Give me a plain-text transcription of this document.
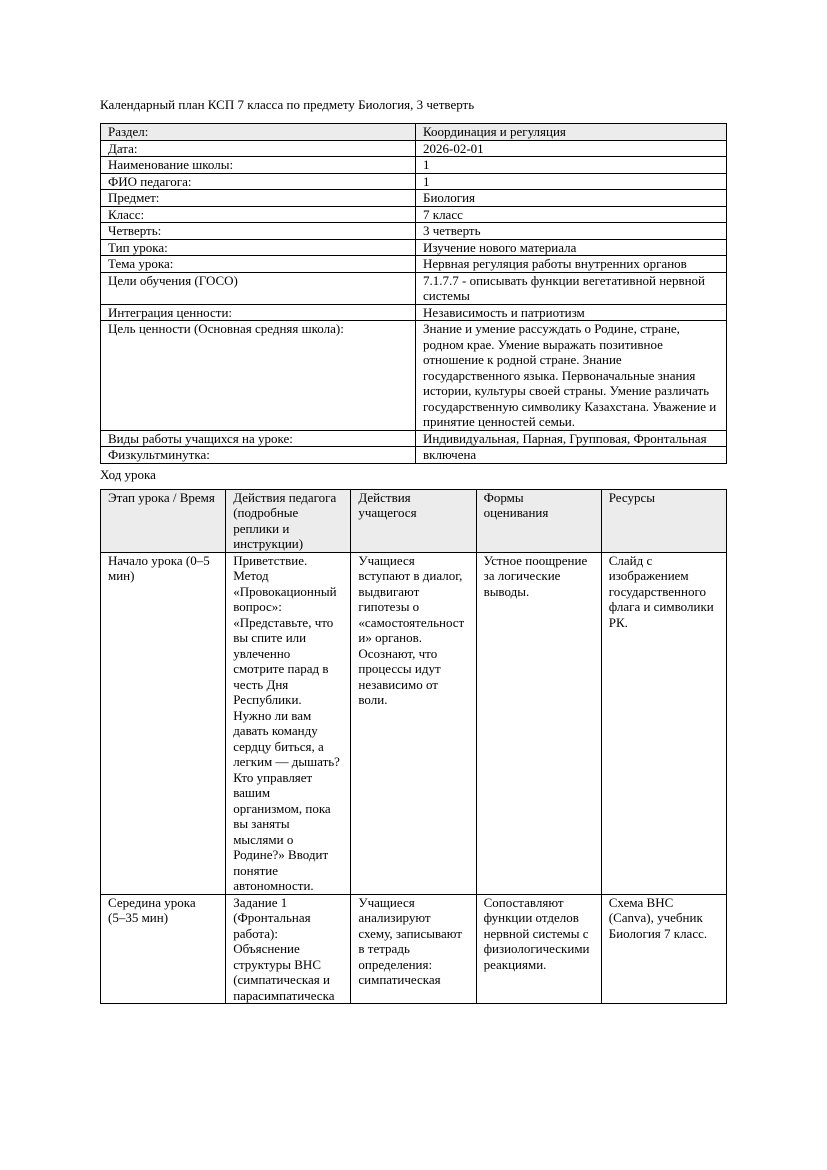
Календарный план КСП 7 класса по предмету Биология, 3 четверть
Раздел:	Координация и регуляция
Дата:	2026-02-01
Наименование школы:	1
ФИО педагога:	1
Предмет:	Биология
Класс:	7 класс
Четверть:	3 четверть
Тип урока:	Изучение нового материала
Тема урока:	Нервная регуляция работы внутренних органов
Цели обучения (ГОСО)	7.1.7.7 - описывать функции вегетативной нервной системы
Интеграция ценности:	Независимость и патриотизм
Цель ценности (Основная средняя школа):	Знание и умение рассуждать о Родине, стране, родном крае. Умение выражать позитивное отношение к родной стране. Знание государственного языка. Первоначальные знания истории, культуры своей страны. Умение различать государственную символику Казахстана. Уважение и принятие ценностей семьи.
Виды работы учащихся на уроке:	Индивидуальная, Парная, Групповая, Фронтальная
Физкультминутка:	включена
Ход урока
Этап урока / Время	Действия педагога (подробные реплики и инструкции)	Действия учащегося	Формы оценивания	Ресурсы
Начало урока (0–5 мин)	Приветствие. Метод «Провокационный вопрос»: «Представьте, что вы спите или увлеченно смотрите парад в честь Дня Республики. Нужно ли вам давать команду сердцу биться, а легким — дышать? Кто управляет вашим организмом, пока вы заняты мыслями о Родине?» Вводит понятие автономности.	Учащиеся вступают в диалог, выдвигают гипотезы о «самостоятельности» органов. Осознают, что процессы идут независимо от воли.	Устное поощрение за логические выводы.	Слайд с изображением государственного флага и символики РК.

Середина урока (5–35 мин)	Задание 1 (Фронтальная работа): Объяснение структуры ВНС (симпатическая и парасимпатическа	Учащиеся анализируют схему, записывают в тетрадь определения: симпатическая	Сопоставляют функции отделов нервной системы с физиологическими реакциями.	Схема ВНС (Canva), учебник Биология 7 класс.
